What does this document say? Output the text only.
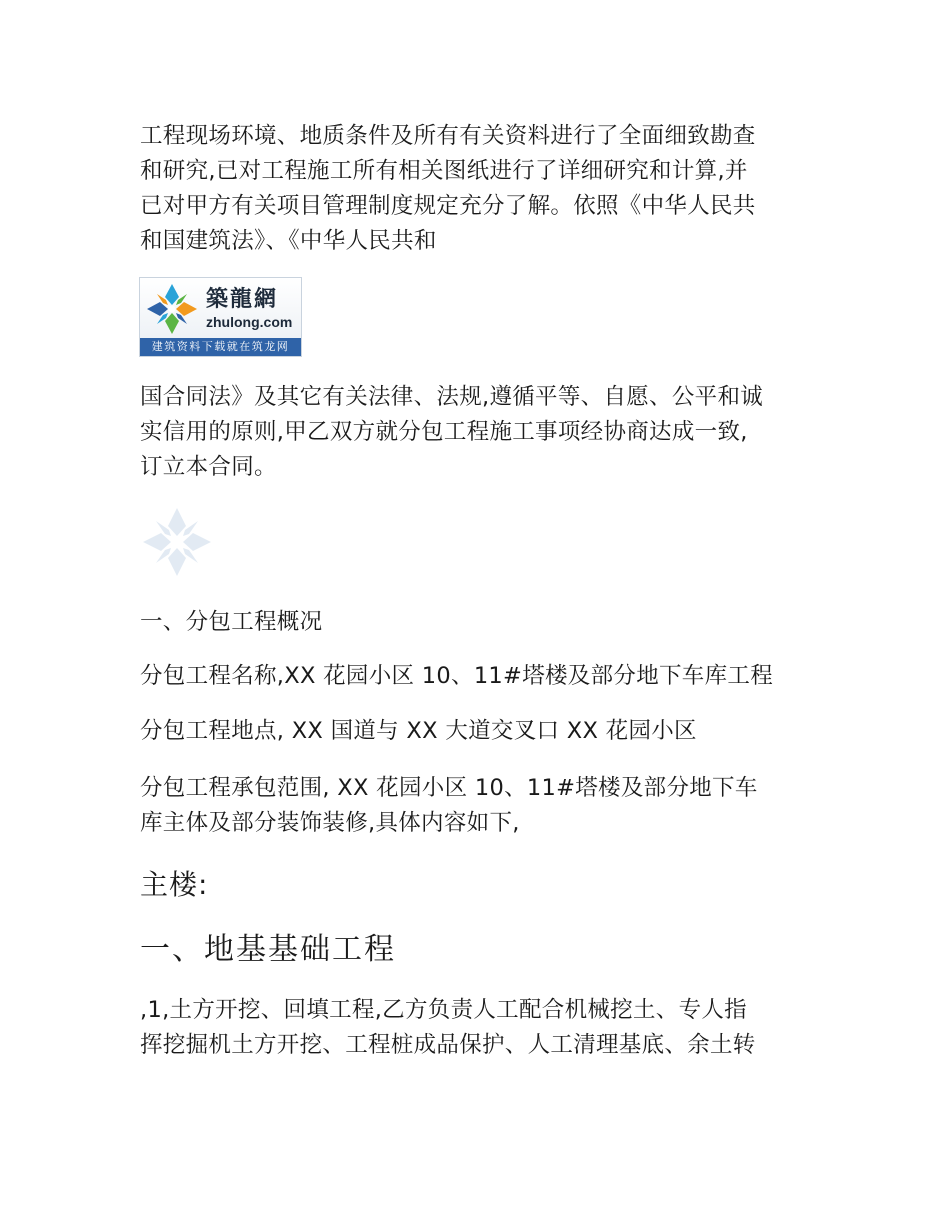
工程现场环境、地质条件及所有有关资料进行了全面细致勘查
和研究,已对工程施工所有相关图纸进行了详细研究和计算,并
已对甲方有关项目管理制度规定充分了解。依照《中华人民共
和国建筑法》、《中华人民共和

築龍網
zhulong.com
建筑资料下载就在筑龙网

国合同法》及其它有关法律、法规,遵循平等、自愿、公平和诚
实信用的原则,甲乙双方就分包工程施工事项经协商达成一致,
订立本合同。

一、分包工程概况

分包工程名称,XX 花园小区 10、11#塔楼及部分地下车库工程

分包工程地点, XX 国道与 XX 大道交叉口 XX 花园小区

分包工程承包范围, XX 花园小区 10、11#塔楼及部分地下车
库主体及部分装饰装修,具体内容如下,

主楼:
一、地基基础工程

,1,土方开挖、回填工程,乙方负责人工配合机械挖土、专人指
挥挖掘机土方开挖、工程桩成品保护、人工清理基底、余土转
